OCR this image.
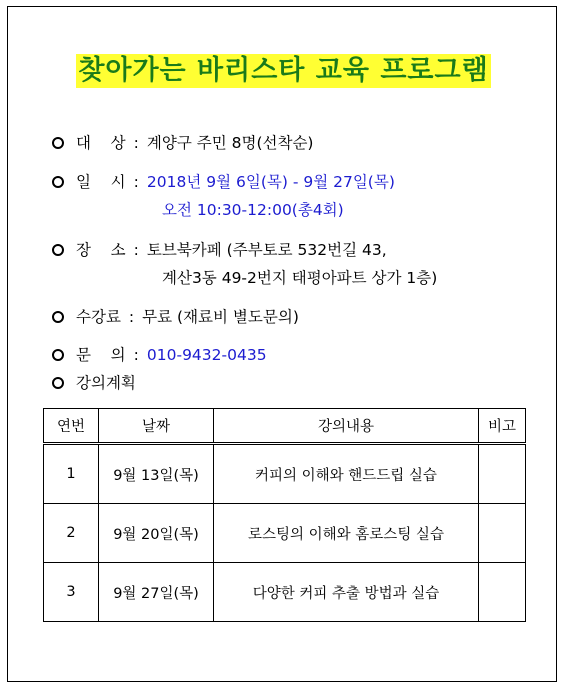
찾아가는 바리스타 교육 프로그램
대    상 : 계양구 주민 8명(선착순)
일    시 : 2018년 9월 6일(목) - 9월 27일(목)
오전 10:30-12:00(총4회)
장    소 : 토브북카페 (주부토로 532번길 43,
계산3동 49-2번지 태평아파트 상가 1층)
수강료 : 무료 (재료비 별도문의)
문    의 : 010-9432-0435
강의계획
연번	날짜	강의내용	비고
1	9월 13일(목)	커피의 이해와 핸드드립 실습	
2	9월 20일(목)	로스팅의 이해와 홈로스팅 실습	
3	9월 27일(목)	다양한 커피 추출 방법과 실습	
